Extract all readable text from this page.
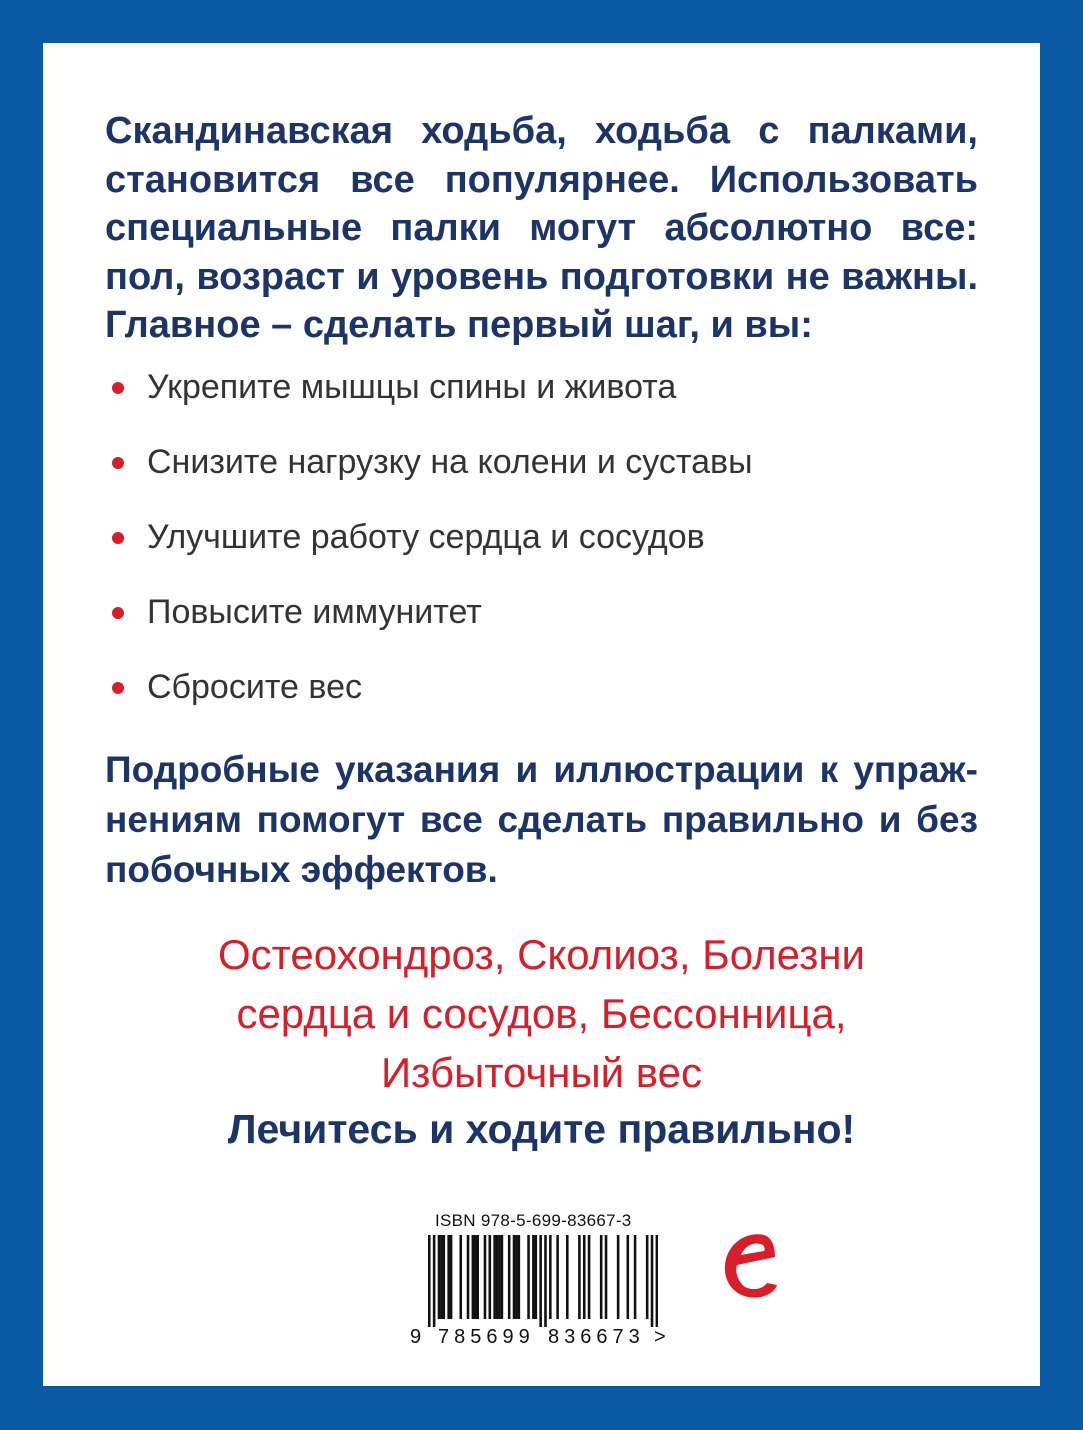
Скандинавская ходьба, ходьба с палками, становится все популярнее. Использовать специальные палки могут абсолютно все: пол, возраст и уровень подготовки не важны. Главное – сделать первый шаг, и вы:

Укрепите мышцы спины и живота
Снизите нагрузку на колени и суставы
Улучшите работу сердца и сосудов
Повысите иммунитет
Сбросите вес

Подробные указания и иллюстрации к упражнениям помогут все сделать правильно и без побочных эффектов.

Остеохондроз, Сколиоз, Болезни
сердца и сосудов, Бессонница,
Избыточный вес

Лечитесь и ходите правильно!

ISBN 978-5-699-83667-3
9 785699 836673 >
